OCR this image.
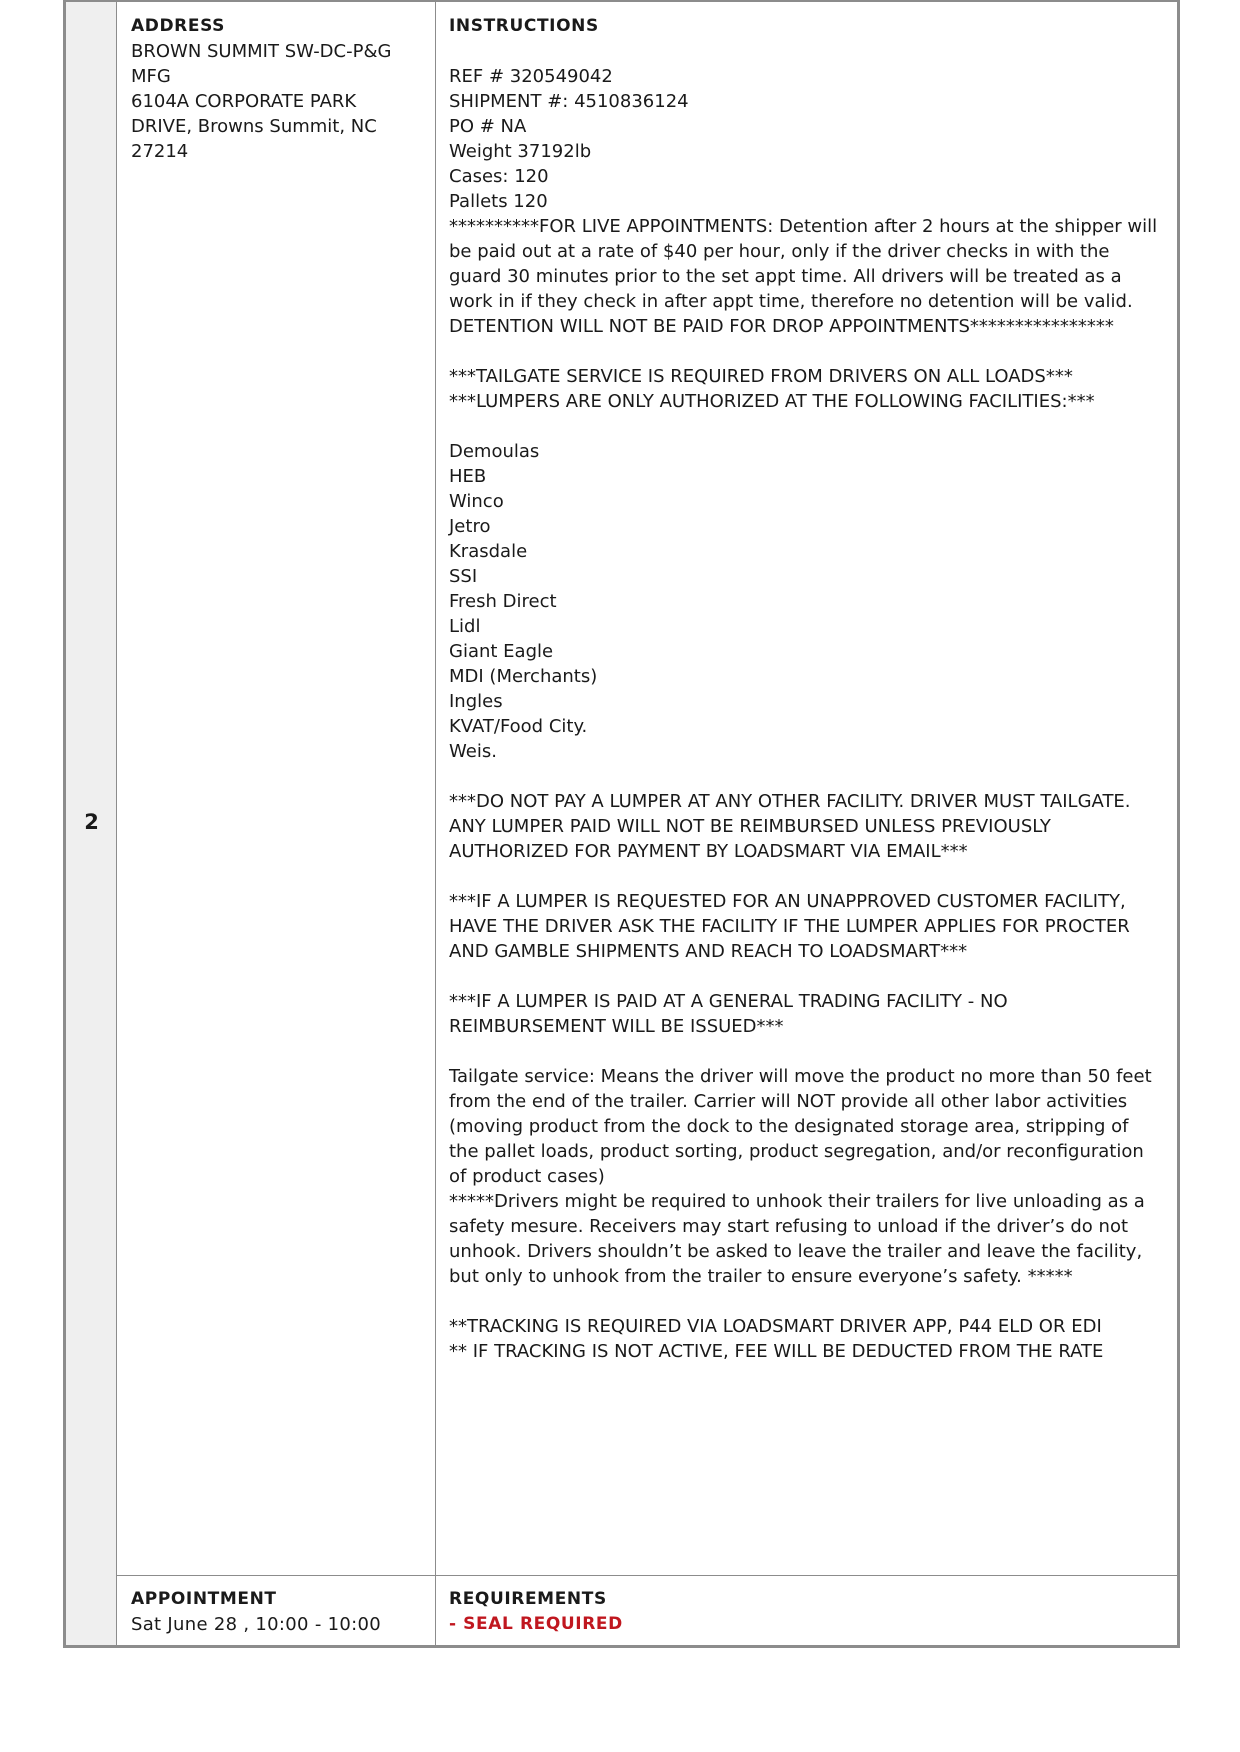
2
ADDRESS
BROWN SUMMIT SW-DC-P&G
MFG
6104A CORPORATE PARK
DRIVE, Browns Summit, NC
27214
INSTRUCTIONS

REF # 320549042
SHIPMENT #: 4510836124
PO # NA
Weight 37192lb
Cases: 120
Pallets 120
**********FOR LIVE APPOINTMENTS: Detention after 2 hours at the shipper will be paid out at a rate of $40 per hour, only if the driver checks in with the guard 30 minutes prior to the set appt time. All drivers will be treated as a work in if they check in after appt time, therefore no detention will be valid. DETENTION WILL NOT BE PAID FOR DROP APPOINTMENTS****************

***TAILGATE SERVICE IS REQUIRED FROM DRIVERS ON ALL LOADS***
***LUMPERS ARE ONLY AUTHORIZED AT THE FOLLOWING FACILITIES:***

Demoulas
HEB
Winco
Jetro
Krasdale
SSI
Fresh Direct
Lidl
Giant Eagle
MDI (Merchants)
Ingles
KVAT/Food City.
Weis.

***DO NOT PAY A LUMPER AT ANY OTHER FACILITY. DRIVER MUST TAILGATE. ANY LUMPER PAID WILL NOT BE REIMBURSED UNLESS PREVIOUSLY AUTHORIZED FOR PAYMENT BY LOADSMART VIA EMAIL***

***IF A LUMPER IS REQUESTED FOR AN UNAPPROVED CUSTOMER FACILITY, HAVE THE DRIVER ASK THE FACILITY IF THE LUMPER APPLIES FOR PROCTER AND GAMBLE SHIPMENTS AND REACH TO LOADSMART***

***IF A LUMPER IS PAID AT A GENERAL TRADING FACILITY - NO REIMBURSEMENT WILL BE ISSUED***

Tailgate service: Means the driver will move the product no more than 50 feet from the end of the trailer. Carrier will NOT provide all other labor activities (moving product from the dock to the designated storage area, stripping of the pallet loads, product sorting, product segregation, and/or reconfiguration of product cases)
*****Drivers might be required to unhook their trailers for live unloading as a safety mesure. Receivers may start refusing to unload if the driver’s do not unhook. Drivers shouldn’t be asked to leave the trailer and leave the facility, but only to unhook from the trailer to ensure everyone’s safety. *****

**TRACKING IS REQUIRED VIA LOADSMART DRIVER APP, P44 ELD OR EDI
** IF TRACKING IS NOT ACTIVE, FEE WILL BE DEDUCTED FROM THE RATE
APPOINTMENT
Sat June 28 , 10:00 - 10:00
REQUIREMENTS
- SEAL REQUIRED
